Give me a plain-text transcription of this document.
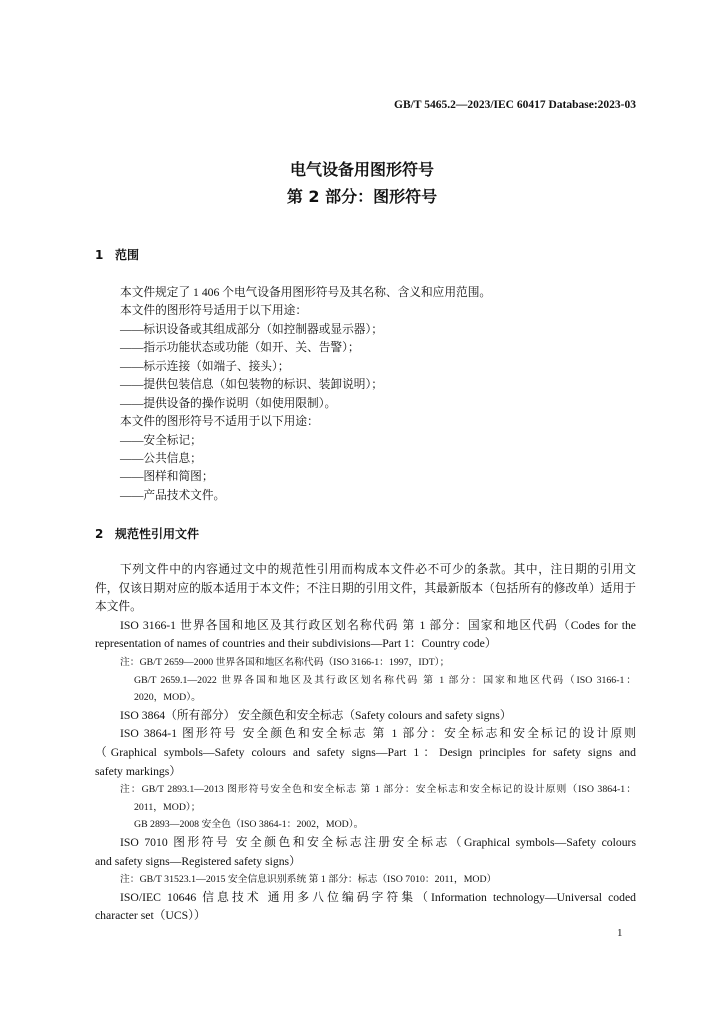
GB/T 5465.2—2023/IEC 60417 Database:2023-03
电气设备用图形符号
第 2 部分：图形符号
1 范围
本文件规定了 1 406 个电气设备用图形符号及其名称、含义和应用范围。
本文件的图形符号适用于以下用途：
——标识设备或其组成部分（如控制器或显示器）；
——指示功能状态或功能（如开、关、告警）；
——标示连接（如端子、接头）；
——提供包装信息（如包装物的标识、装卸说明）；
——提供设备的操作说明（如使用限制）。
本文件的图形符号不适用于以下用途：
——安全标记；
——公共信息；
——图样和简图；
——产品技术文件。
2 规范性引用文件
下列文件中的内容通过文中的规范性引用而构成本文件必不可少的条款。其中，注日期的引用文
件，仅该日期对应的版本适用于本文件；不注日期的引用文件，其最新版本（包括所有的修改单）适用于
本文件。
ISO 3166-1 世界各国和地区及其行政区划名称代码 第 1 部分：国家和地区代码（Codes for the
representation of names of countries and their subdivisions—Part 1：Country code）
注：GB/T 2659—2000 世界各国和地区名称代码（ISO 3166-1：1997，IDT）；
GB/T 2659.1—2022 世界各国和地区及其行政区划名称代码 第 1 部分：国家和地区代码（ISO 3166-1：
2020，MOD）。
ISO 3864（所有部分） 安全颜色和安全标志（Safety colours and safety signs）
ISO 3864-1 图形符号 安全颜色和安全标志 第 1 部分：安全标志和安全标记的设计原则
（Graphical symbols—Safety colours and safety signs—Part 1：Design principles for safety signs and
safety markings）
注：GB/T 2893.1—2013 图形符号安全色和安全标志 第 1 部分：安全标志和安全标记的设计原则（ISO 3864-1：
2011，MOD）；
GB 2893—2008 安全色（ISO 3864-1：2002，MOD）。
ISO 7010 图形符号 安全颜色和安全标志注册安全标志（Graphical symbols—Safety colours
and safety signs—Registered safety signs）
注：GB/T 31523.1—2015 安全信息识别系统 第 1 部分：标志（ISO 7010：2011，MOD）
ISO/IEC 10646 信息技术 通用多八位编码字符集（Information technology—Universal coded
character set（UCS））
1
